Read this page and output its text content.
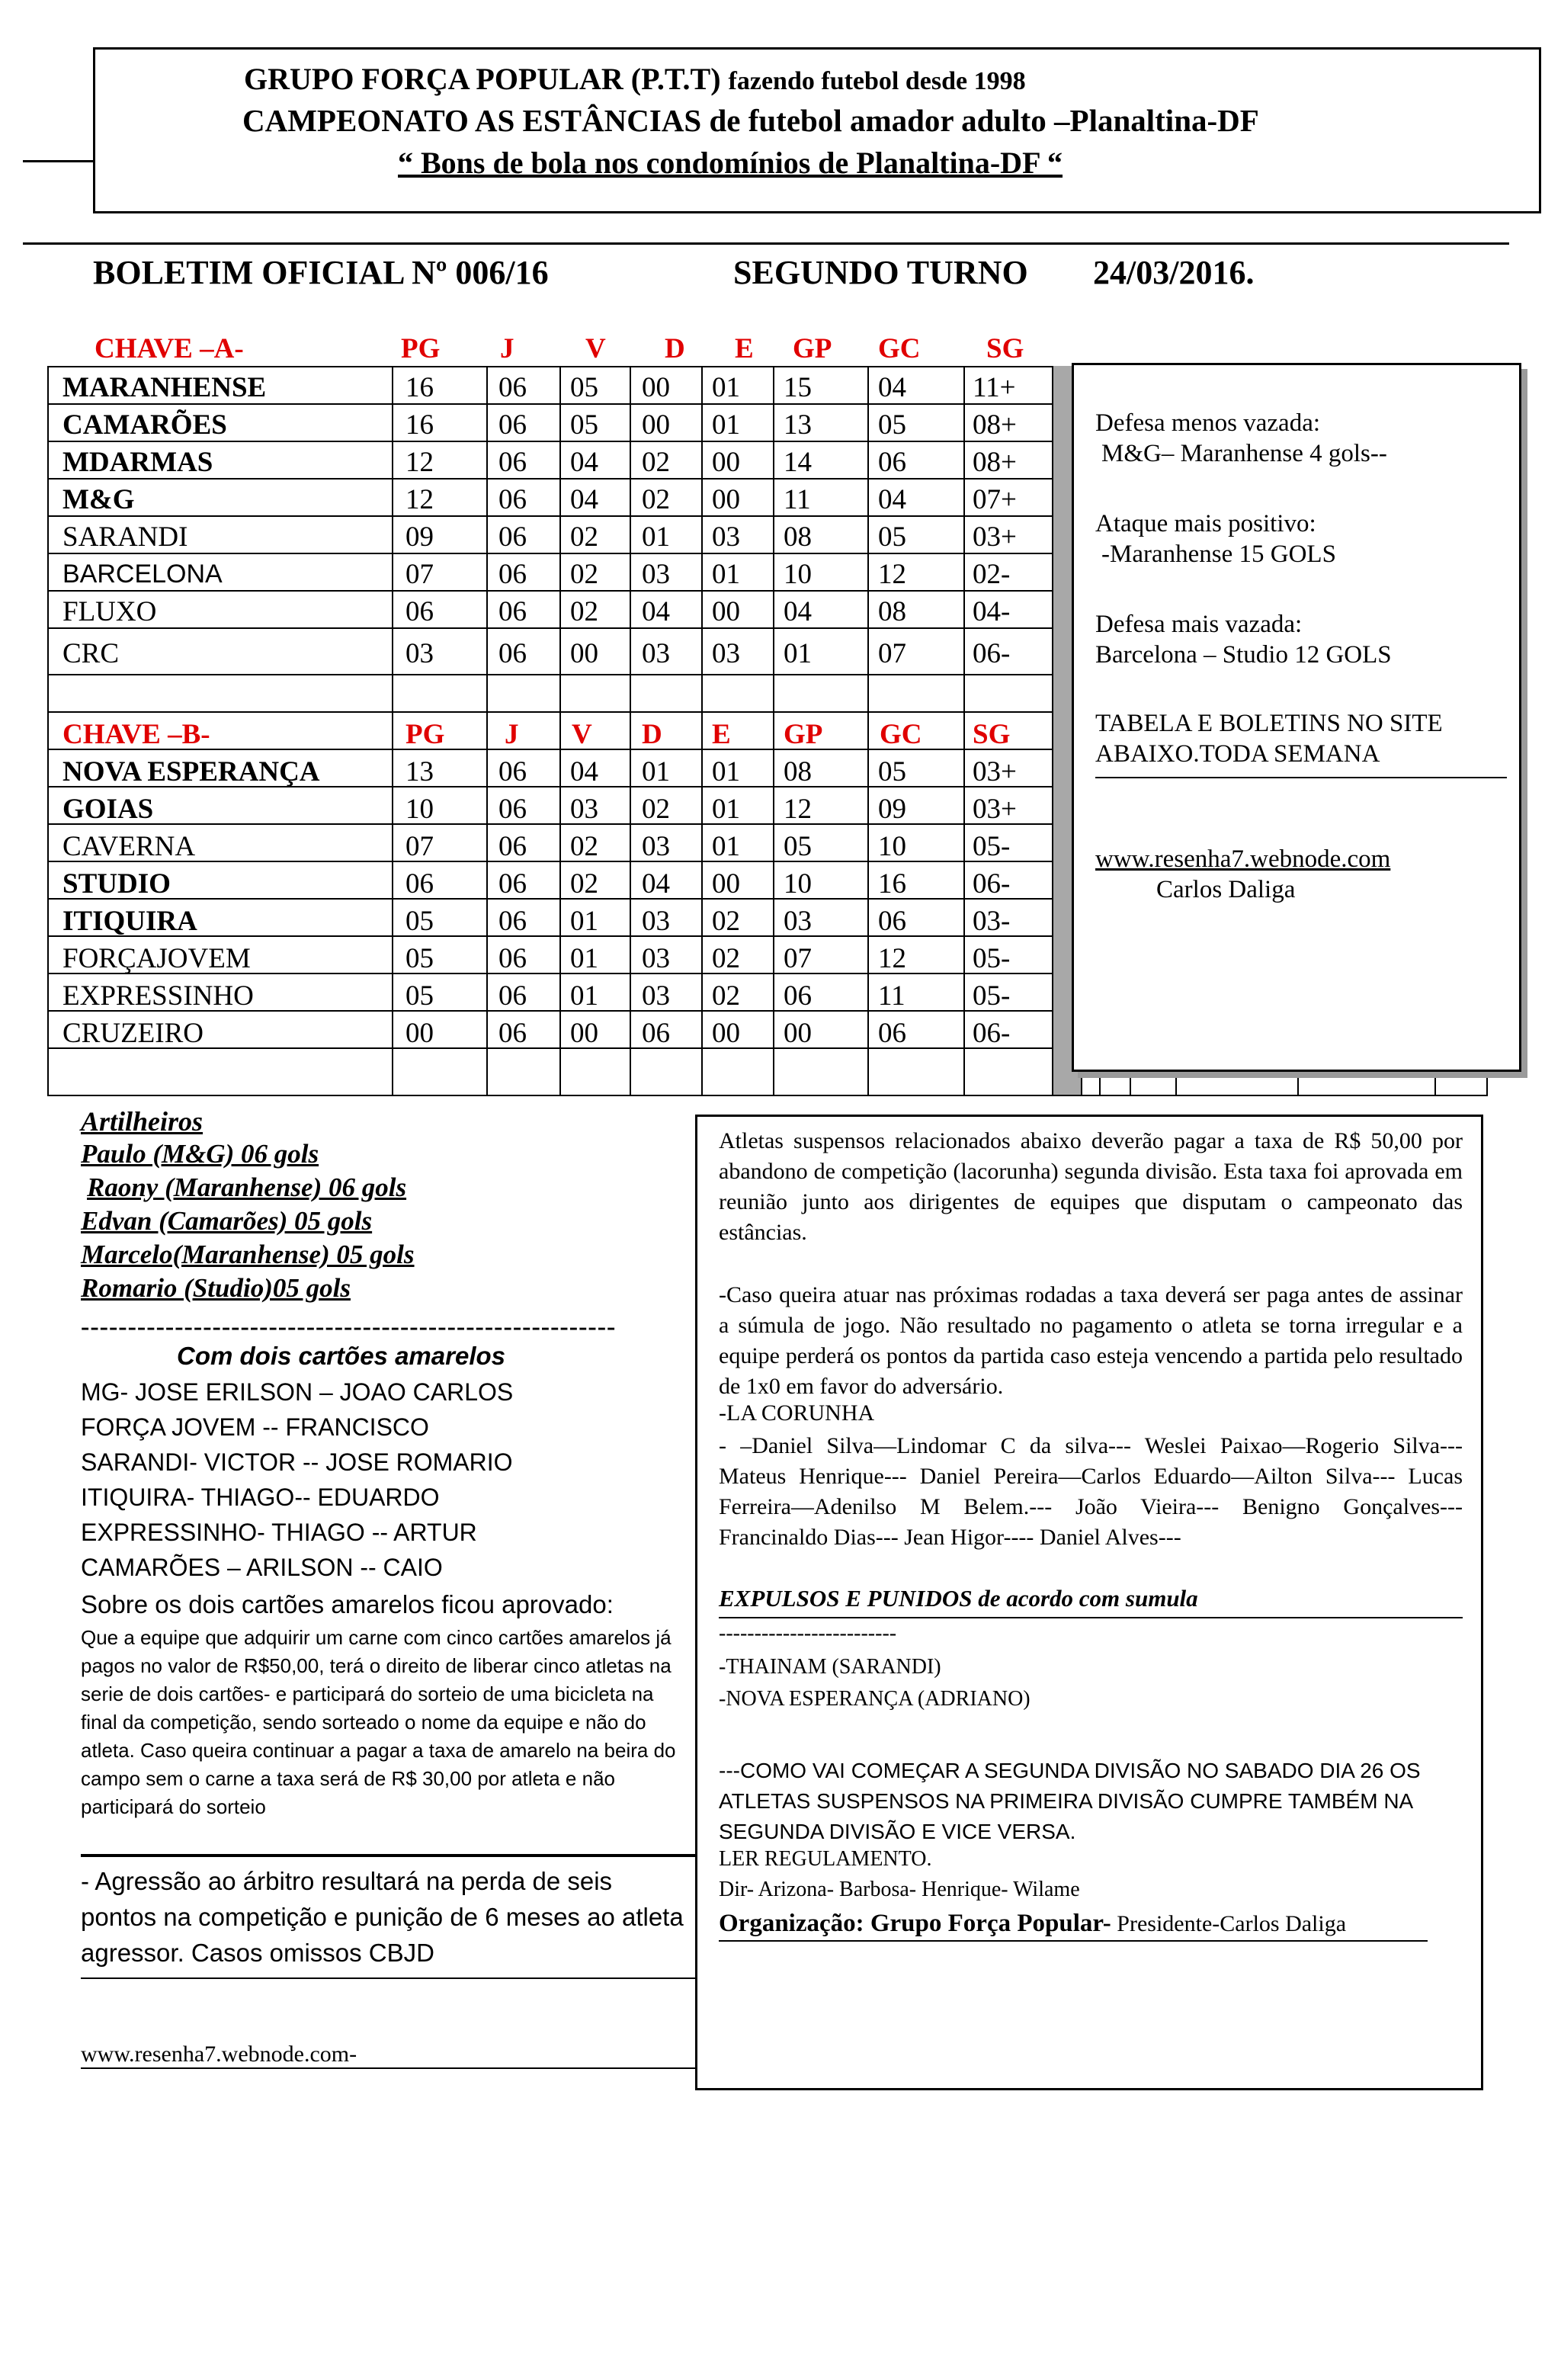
GRUPO FORÇA POPULAR (P.T.T) fazendo futebol desde 1998
CAMPEONATO AS ESTÂNCIAS de futebol amador adulto –Planaltina-DF
“ Bons de bola nos condomínios de Planaltina-DF “
BOLETIM OFICIAL Nº 006/16	SEGUNDO TURNO 24/03/2016.
CHAVE –A-	PG J	V D E GP GC SG
MARANHENSE	16 06 05 00 01 15 04 11+
CAMARÕES	16 06 05 00 01 13 05 08+
MDARMAS	12 06 04 02 00 14 06 08+
M&G	12 06 04 02 00 11 04 07+
SARANDI	09 06 02 01 03 08 05 03+
BARCELONA	07 06 02 03 01 10 12 02-
FLUXO	06 06 02 04 00 04 08 04-
CRC	03 06 00 03 03 01 07 06-
CHAVE –B-	PG J V D E GP GC SG
NOVA ESPERANÇA	13 06 04 01 01 08 05 03+
GOIAS	10 06 03 02 01 12 09 03+
CAVERNA	07 06 02 03 01 05 10 05-
STUDIO	06 06 02 04 00 10 16 06-
ITIQUIRA	05 06 01 03 02 03 06 03-
FORÇAJOVEM	05 06 01 03 02 07 12 05-
EXPRESSINHO	05 06 01 03 02 06 11 05-
CRUZEIRO	00 06 00 06 00 00 06 06-
Defesa menos vazada:
M&G– Maranhense 4 gols--
Ataque mais positivo:
-Maranhense 15 GOLS
Defesa mais vazada:
Barcelona – Studio 12 GOLS
TABELA E BOLETINS NO SITE
ABAIXO.TODA SEMANA
www.resenha7.webnode.com
Carlos Daliga
Artilheiros
Paulo (M&G) 06 gols
Raony (Maranhense) 06 gols
Edvan (Camarões) 05 gols
Marcelo(Maranhense) 05 gols
Romario (Studio)05 gols
---------------------------------------------------------
Com dois cartões amarelos
MG- JOSE ERILSON – JOAO CARLOS
FORÇA JOVEM -- FRANCISCO
SARANDI- VICTOR -- JOSE ROMARIO
ITIQUIRA- THIAGO-- EDUARDO
EXPRESSINHO- THIAGO -- ARTUR
CAMARÕES – ARILSON -- CAIO
Sobre os dois cartões amarelos ficou aprovado:
Que a equipe que adquirir um carne com cinco cartões amarelos já pagos no valor de R$50,00, terá o direito de liberar cinco atletas na serie de dois cartões- e participará do sorteio de uma bicicleta na final da competição, sendo sorteado o nome da equipe e não do atleta. Caso queira continuar a pagar a taxa de amarelo na beira do campo sem o carne a taxa será de R$ 30,00 por atleta e não participará do sorteio
- Agressão ao árbitro resultará na perda de seis pontos na competição e punição de 6 meses ao atleta agressor. Casos omissos CBJD
www.resenha7.webnode.com-
Atletas suspensos relacionados abaixo deverão pagar a taxa de R$ 50,00 por abandono de competição (lacorunha) segunda divisão. Esta taxa foi aprovada em reunião junto aos dirigentes de equipes que disputam o campeonato das estâncias.
-Caso queira atuar nas próximas rodadas a taxa deverá ser paga antes de assinar a súmula de jogo. Não resultado no pagamento o atleta se torna irregular e a equipe perderá os pontos da partida caso esteja vencendo a partida pelo resultado de 1x0 em favor do adversário.
-LA CORUNHA
- –Daniel Silva—Lindomar C da silva--- Weslei Paixao—Rogerio Silva---Mateus Henrique--- Daniel Pereira—Carlos Eduardo—Ailton Silva--- Lucas Ferreira—Adenilso M Belem.--- João Vieira--- Benigno Gonçalves--- Francinaldo Dias--- Jean Higor---- Daniel Alves---
EXPULSOS E PUNIDOS de acordo com sumula
-------------------------
-THAINAM (SARANDI)
-NOVA ESPERANÇA (ADRIANO)
---COMO VAI COMEÇAR A SEGUNDA DIVISÃO NO SABADO DIA 26 OS ATLETAS SUSPENSOS NA PRIMEIRA DIVISÃO CUMPRE TAMBÉM NA SEGUNDA DIVISÃO E VICE VERSA.
LER REGULAMENTO.
Dir- Arizona- Barbosa- Henrique- Wilame
Organização: Grupo Força Popular- Presidente-Carlos Daliga
